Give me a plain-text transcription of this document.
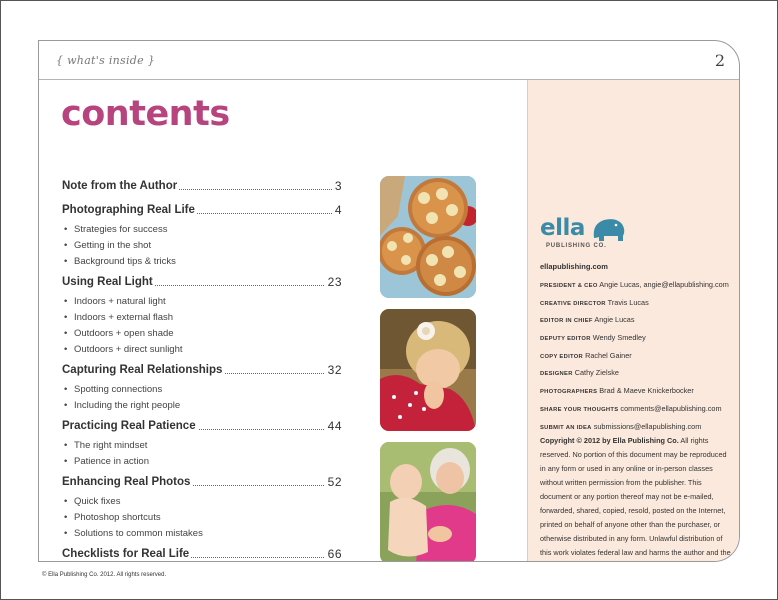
{ what's inside }	2
contents
Note from the Author	3
Photographing Real Life	4
• Strategies for success
• Getting in the shot
• Background tips & tricks
Using Real Light	23
• Indoors + natural light
• Indoors + external flash
• Outdoors + open shade
• Outdoors + direct sunlight
Capturing Real Relationships	32
• Spotting connections
• Including the right people
Practicing Real Patience	44
• The right mindset
• Patience in action
Enhancing Real Photos	52
• Quick fixes
• Photoshop shortcuts
• Solutions to common mistakes
Checklists for Real Life	66
ella
PUBLISHING CO.
ellapublishing.com
PRESIDENT & CEO Angie Lucas, angie@ellapublishing.com
CREATIVE DIRECTOR Travis Lucas
EDITOR IN CHIEF Angie Lucas
DEPUTY EDITOR Wendy Smedley
COPY EDITOR Rachel Gainer
DESIGNER Cathy Zielske
PHOTOGRAPHERS Brad & Maeve Knickerbocker
SHARE YOUR THOUGHTS comments@ellapublishing.com
SUBMIT AN IDEA submissions@ellapublishing.com
Copyright © 2012 by Ella Publishing Co. All rights reserved. No portion of this document may be reproduced in any form or used in any online or in-person classes without written permission from the publisher. This document or any portion thereof may not be e-mailed, forwarded, shared, copied, resold, posted on the Internet, printed on behalf of anyone other than the purchaser, or otherwise distributed in any form. Unlawful distribution of this work violates federal law and harms the author and the
© Ella Publishing Co. 2012. All rights reserved.
